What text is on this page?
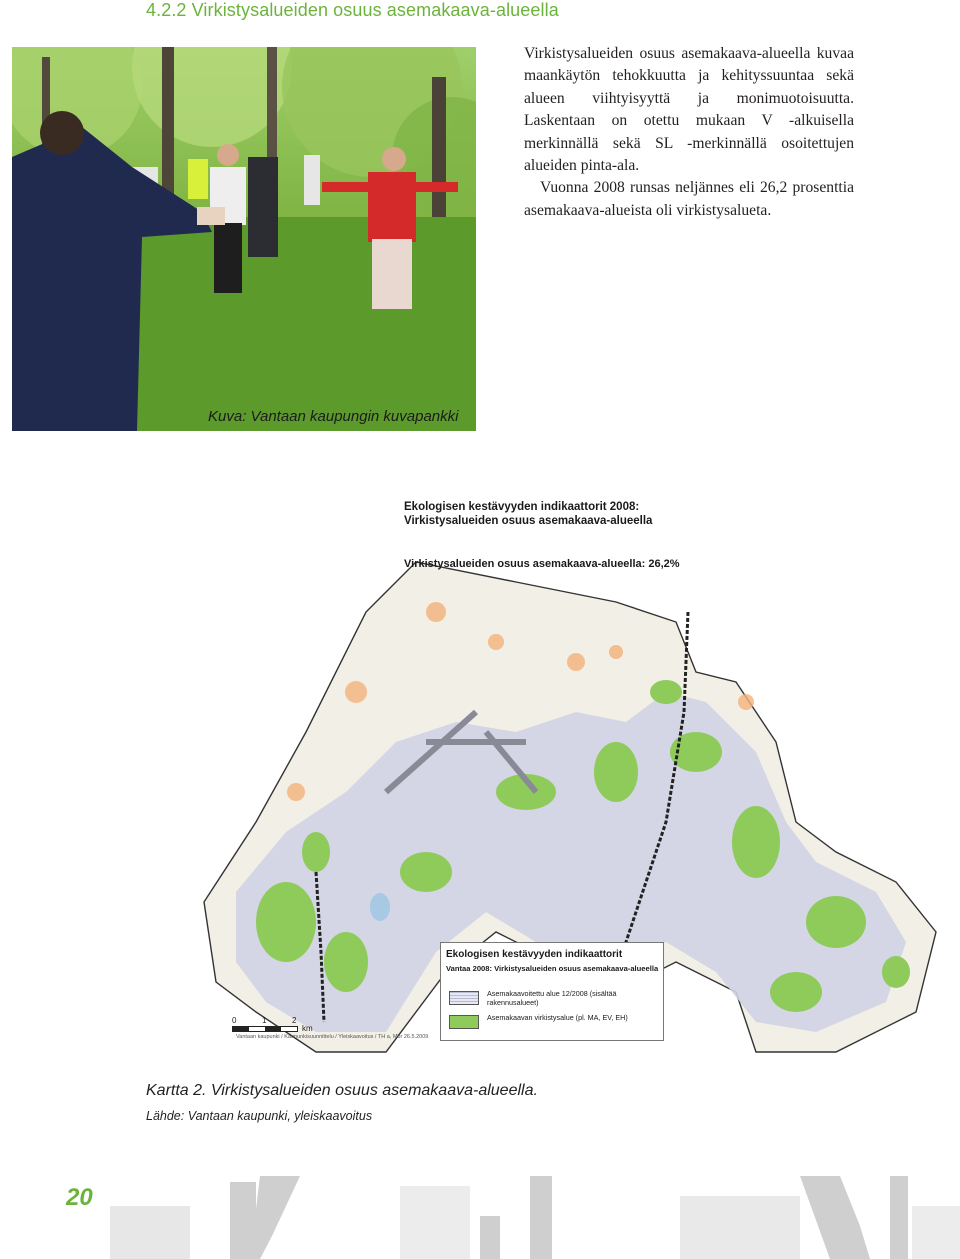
4.2.2 Virkistysalueiden osuus asemakaava-alueella
Kuva: Vantaan kaupungin kuvapankki

Virkistysalueiden osuus asemakaava-alueella kuvaa maankäytön tehokkuutta ja kehityssuuntaa sekä alueen viihtyisyyttä ja monimuotoisuutta. Laskentaan on otettu mukaan V -alkuisella merkinnällä sekä SL -merkinnällä osoitettujen alueiden pinta-ala.

Vuonna 2008 runsas neljännes eli 26,2 prosenttia asemakaava-alueista oli virkistysalueta.

Ekologisen kestävyyden indikaattorit 2008:
Virkistysalueiden osuus asemakaava-alueella
Virkistysalueiden osuus asemakaava-alueella: 26,2%
Ekologisen kestävyyden indikaattorit
Vantaa 2008: Virkistysalueiden osuus asemakaava-alueella
Asemakaavoitettu alue 12/2008 (sisältää rakennusalueet)
Asemakaavan virkistysalue (pl. MA, EV, EH)
0	1	2
km
Vantaan kaupunki / Kaupunkisuunnittelu / Yleiskaavoitus / TH a, Mbr 26.5.2009
Kartta 2. Virkistysalueiden osuus asemakaava-alueella.
Lähde: Vantaan kaupunki, yleiskaavoitus
20
